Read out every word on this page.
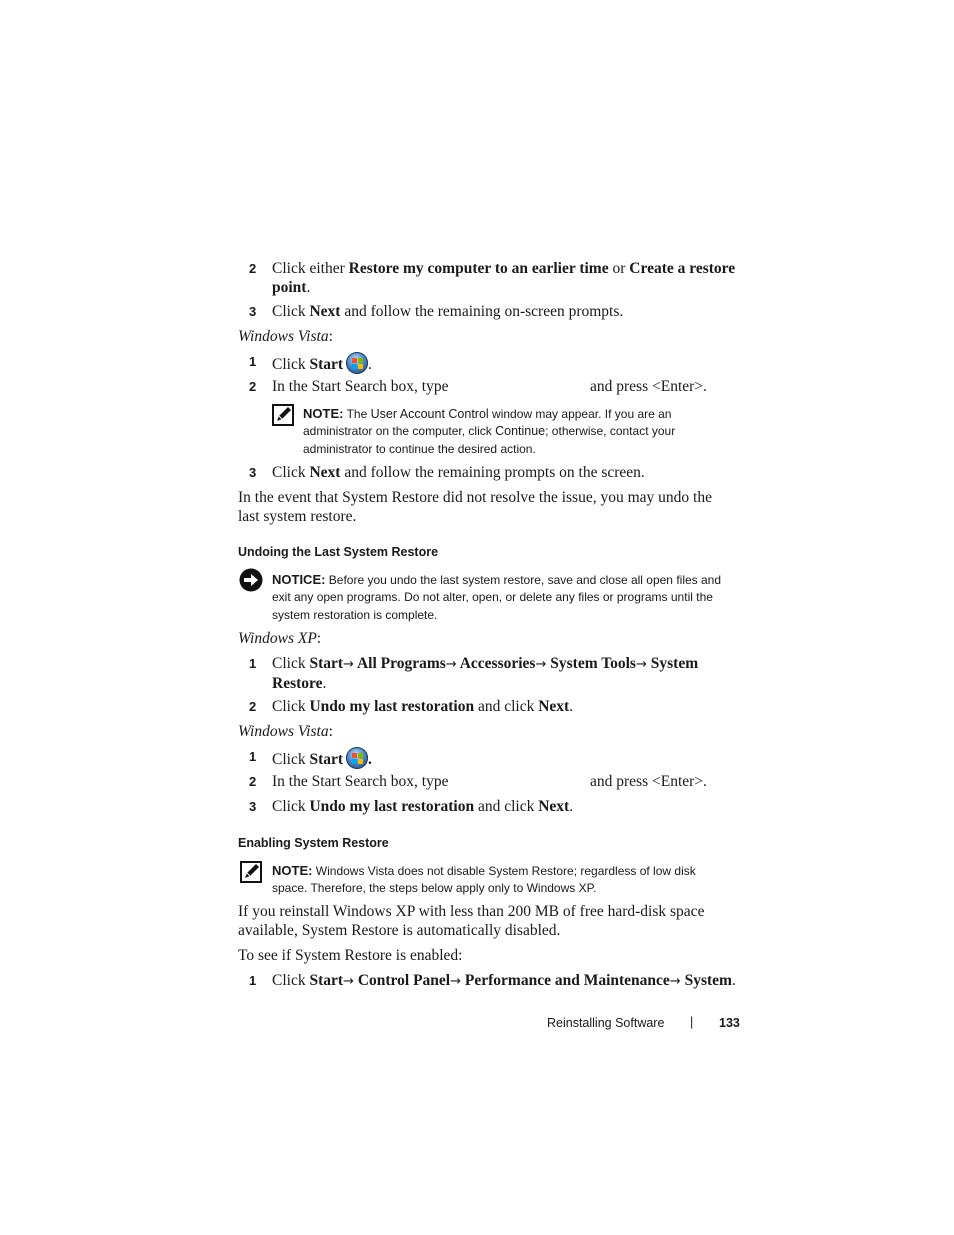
2 Click either Restore my computer to an earlier time or Create a restore
point.
3 Click Next and follow the remaining on-screen prompts.
Windows Vista:
1 Click Start .
2 In the Start Search box, type	and press <Enter>.
NOTE: The User Account Control window may appear. If you are an
administrator on the computer, click Continue; otherwise, contact your
administrator to continue the desired action.
3 Click Next and follow the remaining prompts on the screen.
In the event that System Restore did not resolve the issue, you may undo the
last system restore.
Undoing the Last System Restore
NOTICE: Before you undo the last system restore, save and close all open files and
exit any open programs. Do not alter, open, or delete any files or programs until the
system restoration is complete.
Windows XP:
1 Click Start→ All Programs→ Accessories→ System Tools→ System
Restore.
2 Click Undo my last restoration and click Next.
Windows Vista:
1 Click Start .
2 In the Start Search box, type	and press <Enter>.
3 Click Undo my last restoration and click Next.
Enabling System Restore
NOTE: Windows Vista does not disable System Restore; regardless of low disk
space. Therefore, the steps below apply only to Windows XP.
If you reinstall Windows XP with less than 200 MB of free hard-disk space
available, System Restore is automatically disabled.
To see if System Restore is enabled:
1 Click Start→ Control Panel→ Performance and Maintenance→ System.
Reinstalling Software | 133
